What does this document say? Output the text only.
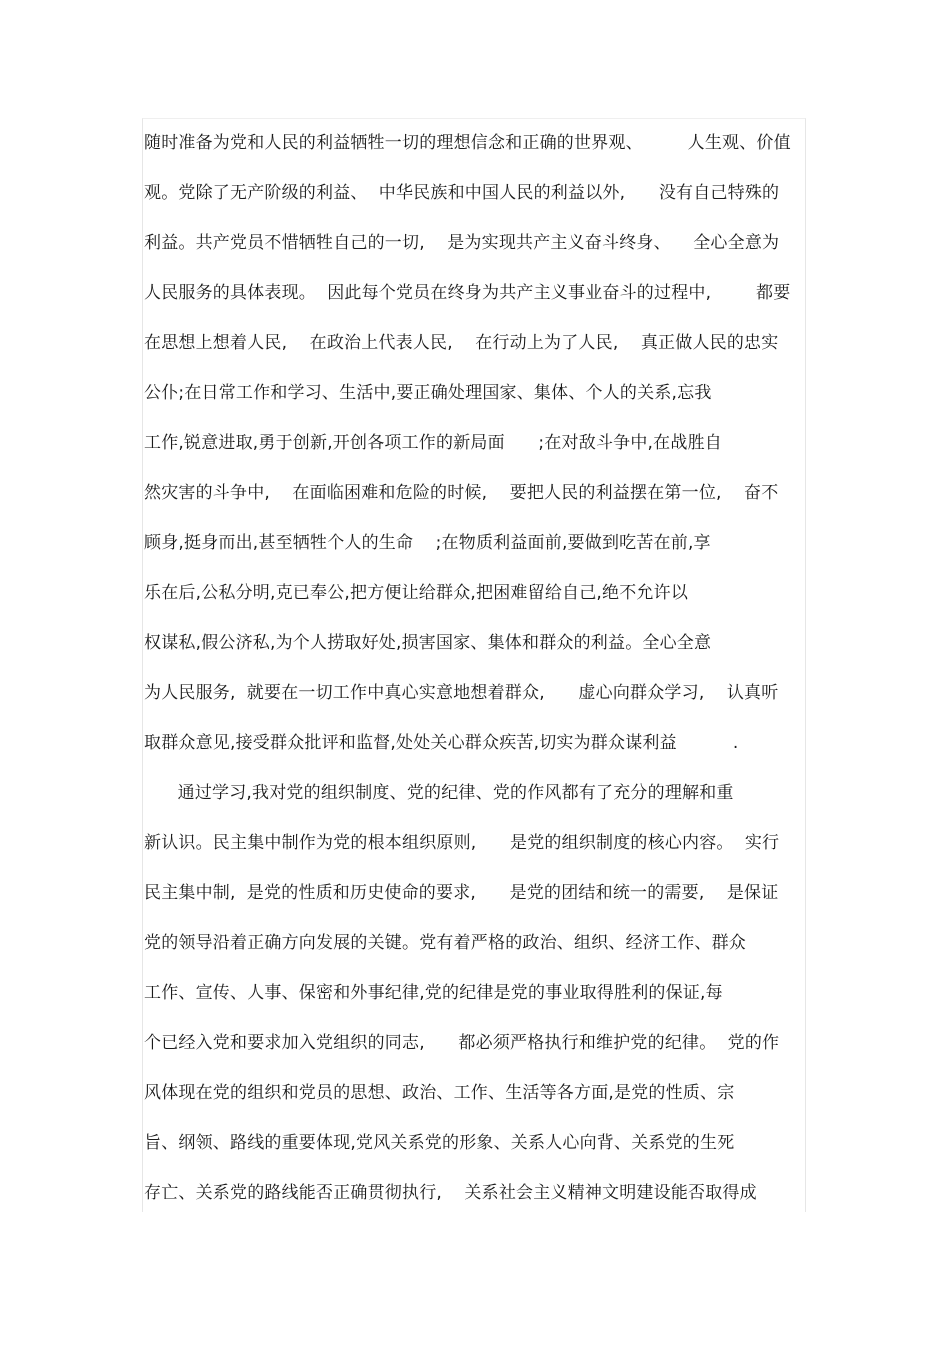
随时准备为党和人民的利益牺牲一切的理想信念和正确的世界观、        人生观、价值
观。党除了无产阶级的利益、  中华民族和中国人民的利益以外,      没有自己特殊的
利益。共产党员不惜牺牲自己的一切,    是为实现共产主义奋斗终身、    全心全意为
人民服务的具体表现。  因此每个党员在终身为共产主义事业奋斗的过程中,        都要
在思想上想着人民,    在政治上代表人民,    在行动上为了人民,    真正做人民的忠实
公仆;在日常工作和学习、生活中,要正确处理国家、集体、个人的关系,忘我
工作,锐意进取,勇于创新,开创各项工作的新局面      ;在对敌斗争中,在战胜自
然灾害的斗争中,    在面临困难和危险的时候,    要把人民的利益摆在第一位,    奋不
顾身,挺身而出,甚至牺牲个人的生命    ;在物质利益面前,要做到吃苦在前,享
乐在后,公私分明,克已奉公,把方便让给群众,把困难留给自己,绝不允许以
权谋私,假公济私,为个人捞取好处,损害国家、集体和群众的利益。全心全意
为人民服务,  就要在一切工作中真心实意地想着群众,      虚心向群众学习,    认真听
取群众意见,接受群众批评和监督,处处关心群众疾苦,切实为群众谋利益          .
通过学习,我对党的组织制度、党的纪律、党的作风都有了充分的理解和重
新认识。民主集中制作为党的根本组织原则,      是党的组织制度的核心内容。  实行
民主集中制,  是党的性质和历史使命的要求,      是党的团结和统一的需要,    是保证
党的领导沿着正确方向发展的关键。党有着严格的政治、组织、经济工作、群众
工作、宣传、人事、保密和外事纪律,党的纪律是党的事业取得胜利的保证,每
个已经入党和要求加入党组织的同志,      都必须严格执行和维护党的纪律。  党的作
风体现在党的组织和党员的思想、政治、工作、生活等各方面,是党的性质、宗
旨、纲领、路线的重要体现,党风关系党的形象、关系人心向背、关系党的生死
存亡、关系党的路线能否正确贯彻执行,    关系社会主义精神文明建设能否取得成
